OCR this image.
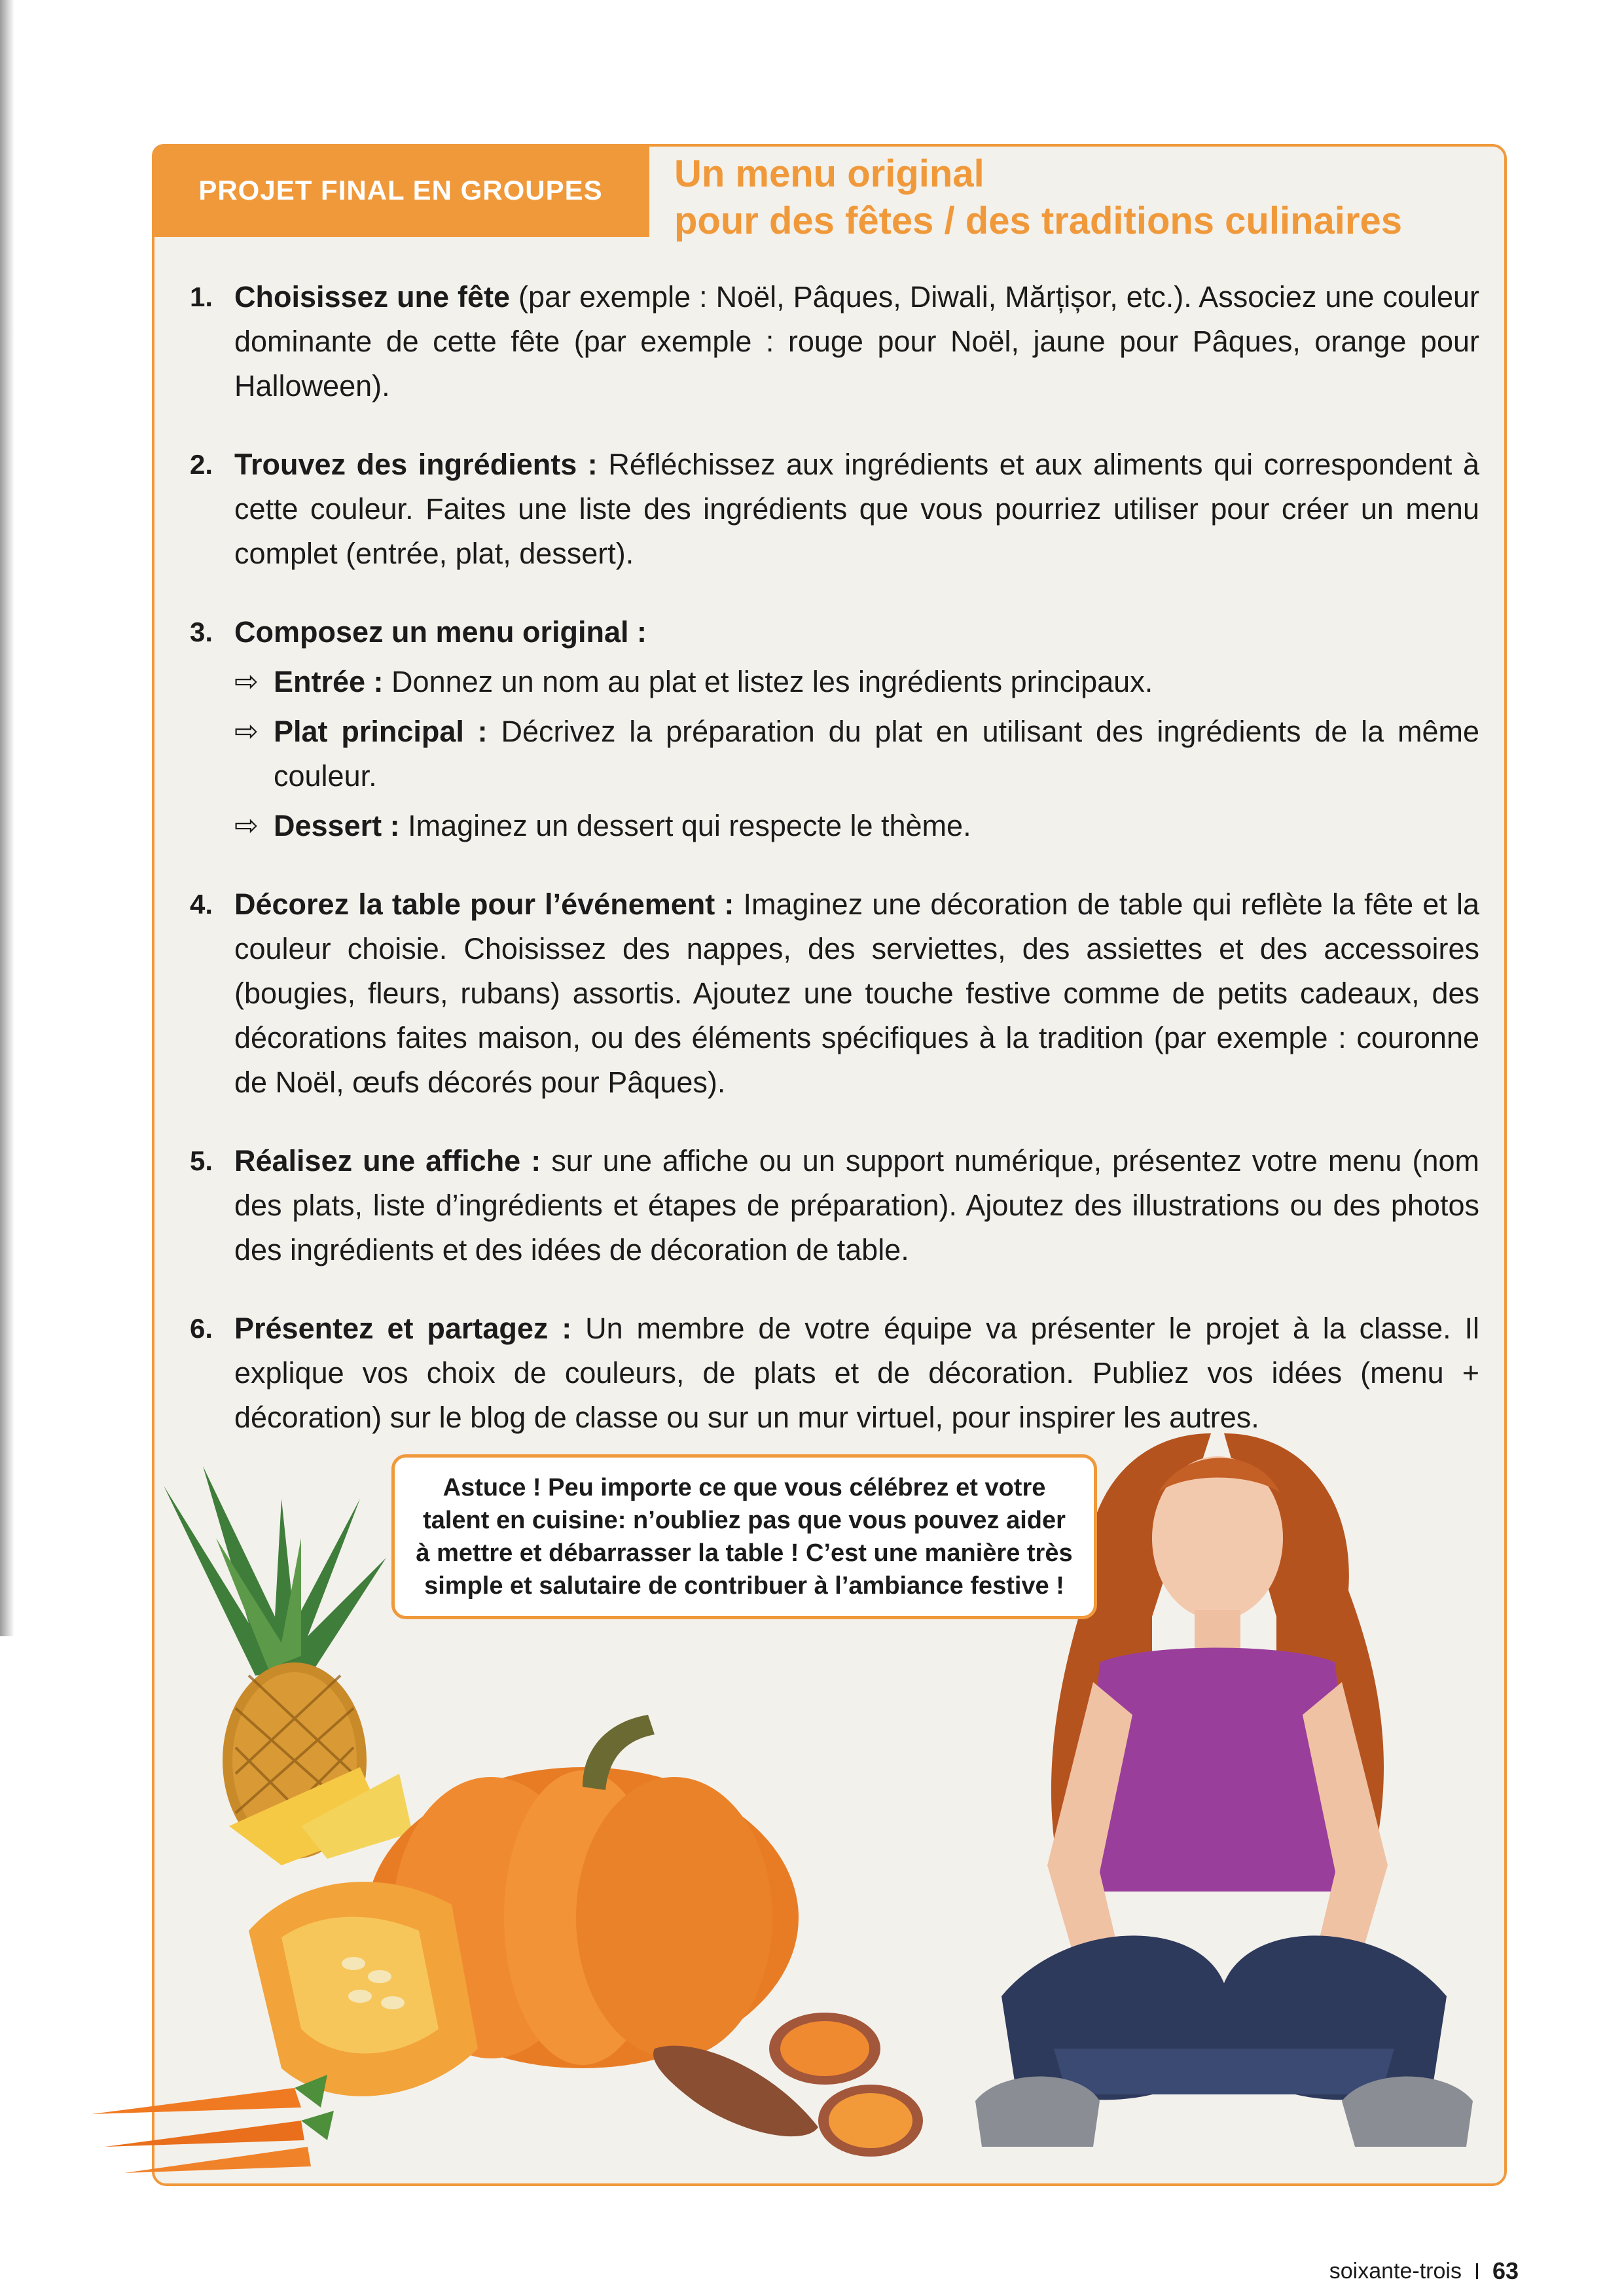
PROJET FINAL EN GROUPES Un menu original
pour des fêtes / des traditions culinaires
1. Choisissez une fête (par exemple : Noël, Pâques, Diwali, Mărțișor, etc.). Associez une couleur dominante de cette fête (par exemple : rouge pour Noël, jaune pour Pâques, orange pour Halloween).

2. Trouvez des ingrédients : Réfléchissez aux ingrédients et aux aliments qui correspondent à cette couleur. Faites une liste des ingrédients que vous pourriez utiliser pour créer un menu complet (entrée, plat, dessert).

3. Composez un menu original :

⇨ Entrée : Donnez un nom au plat et listez les ingrédients principaux.

⇨ Plat principal : Décrivez la préparation du plat en utilisant des ingrédients de la même couleur.

⇨ Dessert : Imaginez un dessert qui respecte le thème.

4. Décorez la table pour l’événement : Imaginez une décoration de table qui reflète la fête et la couleur choisie. Choisissez des nappes, des serviettes, des assiettes et des accessoires (bougies, fleurs, rubans) assortis. Ajoutez une touche festive comme de petits cadeaux, des décorations faites maison, ou des éléments spécifiques à la tradition (par exemple : couronne de Noël, œufs décorés pour Pâques).

5. Réalisez une affiche : sur une affiche ou un support numérique, présentez votre menu (nom des plats, liste d’ingrédients et étapes de préparation). Ajoutez des illustrations ou des photos des ingrédients et des idées de décoration de table.

6. Présentez et partagez : Un membre de votre équipe va présenter le projet à la classe. Il explique vos choix de couleurs, de plats et de décoration. Publiez vos idées (menu + décoration) sur le blog de classe ou sur un mur virtuel, pour inspirer les autres.

Astuce ! Peu importe ce que vous célébrez et votre talent en cuisine: n’oubliez pas que vous pouvez aider à mettre et débarrasser la table ! C’est une manière très simple et salutaire de contribuer à l’ambiance festive !
soixante-trois 63
